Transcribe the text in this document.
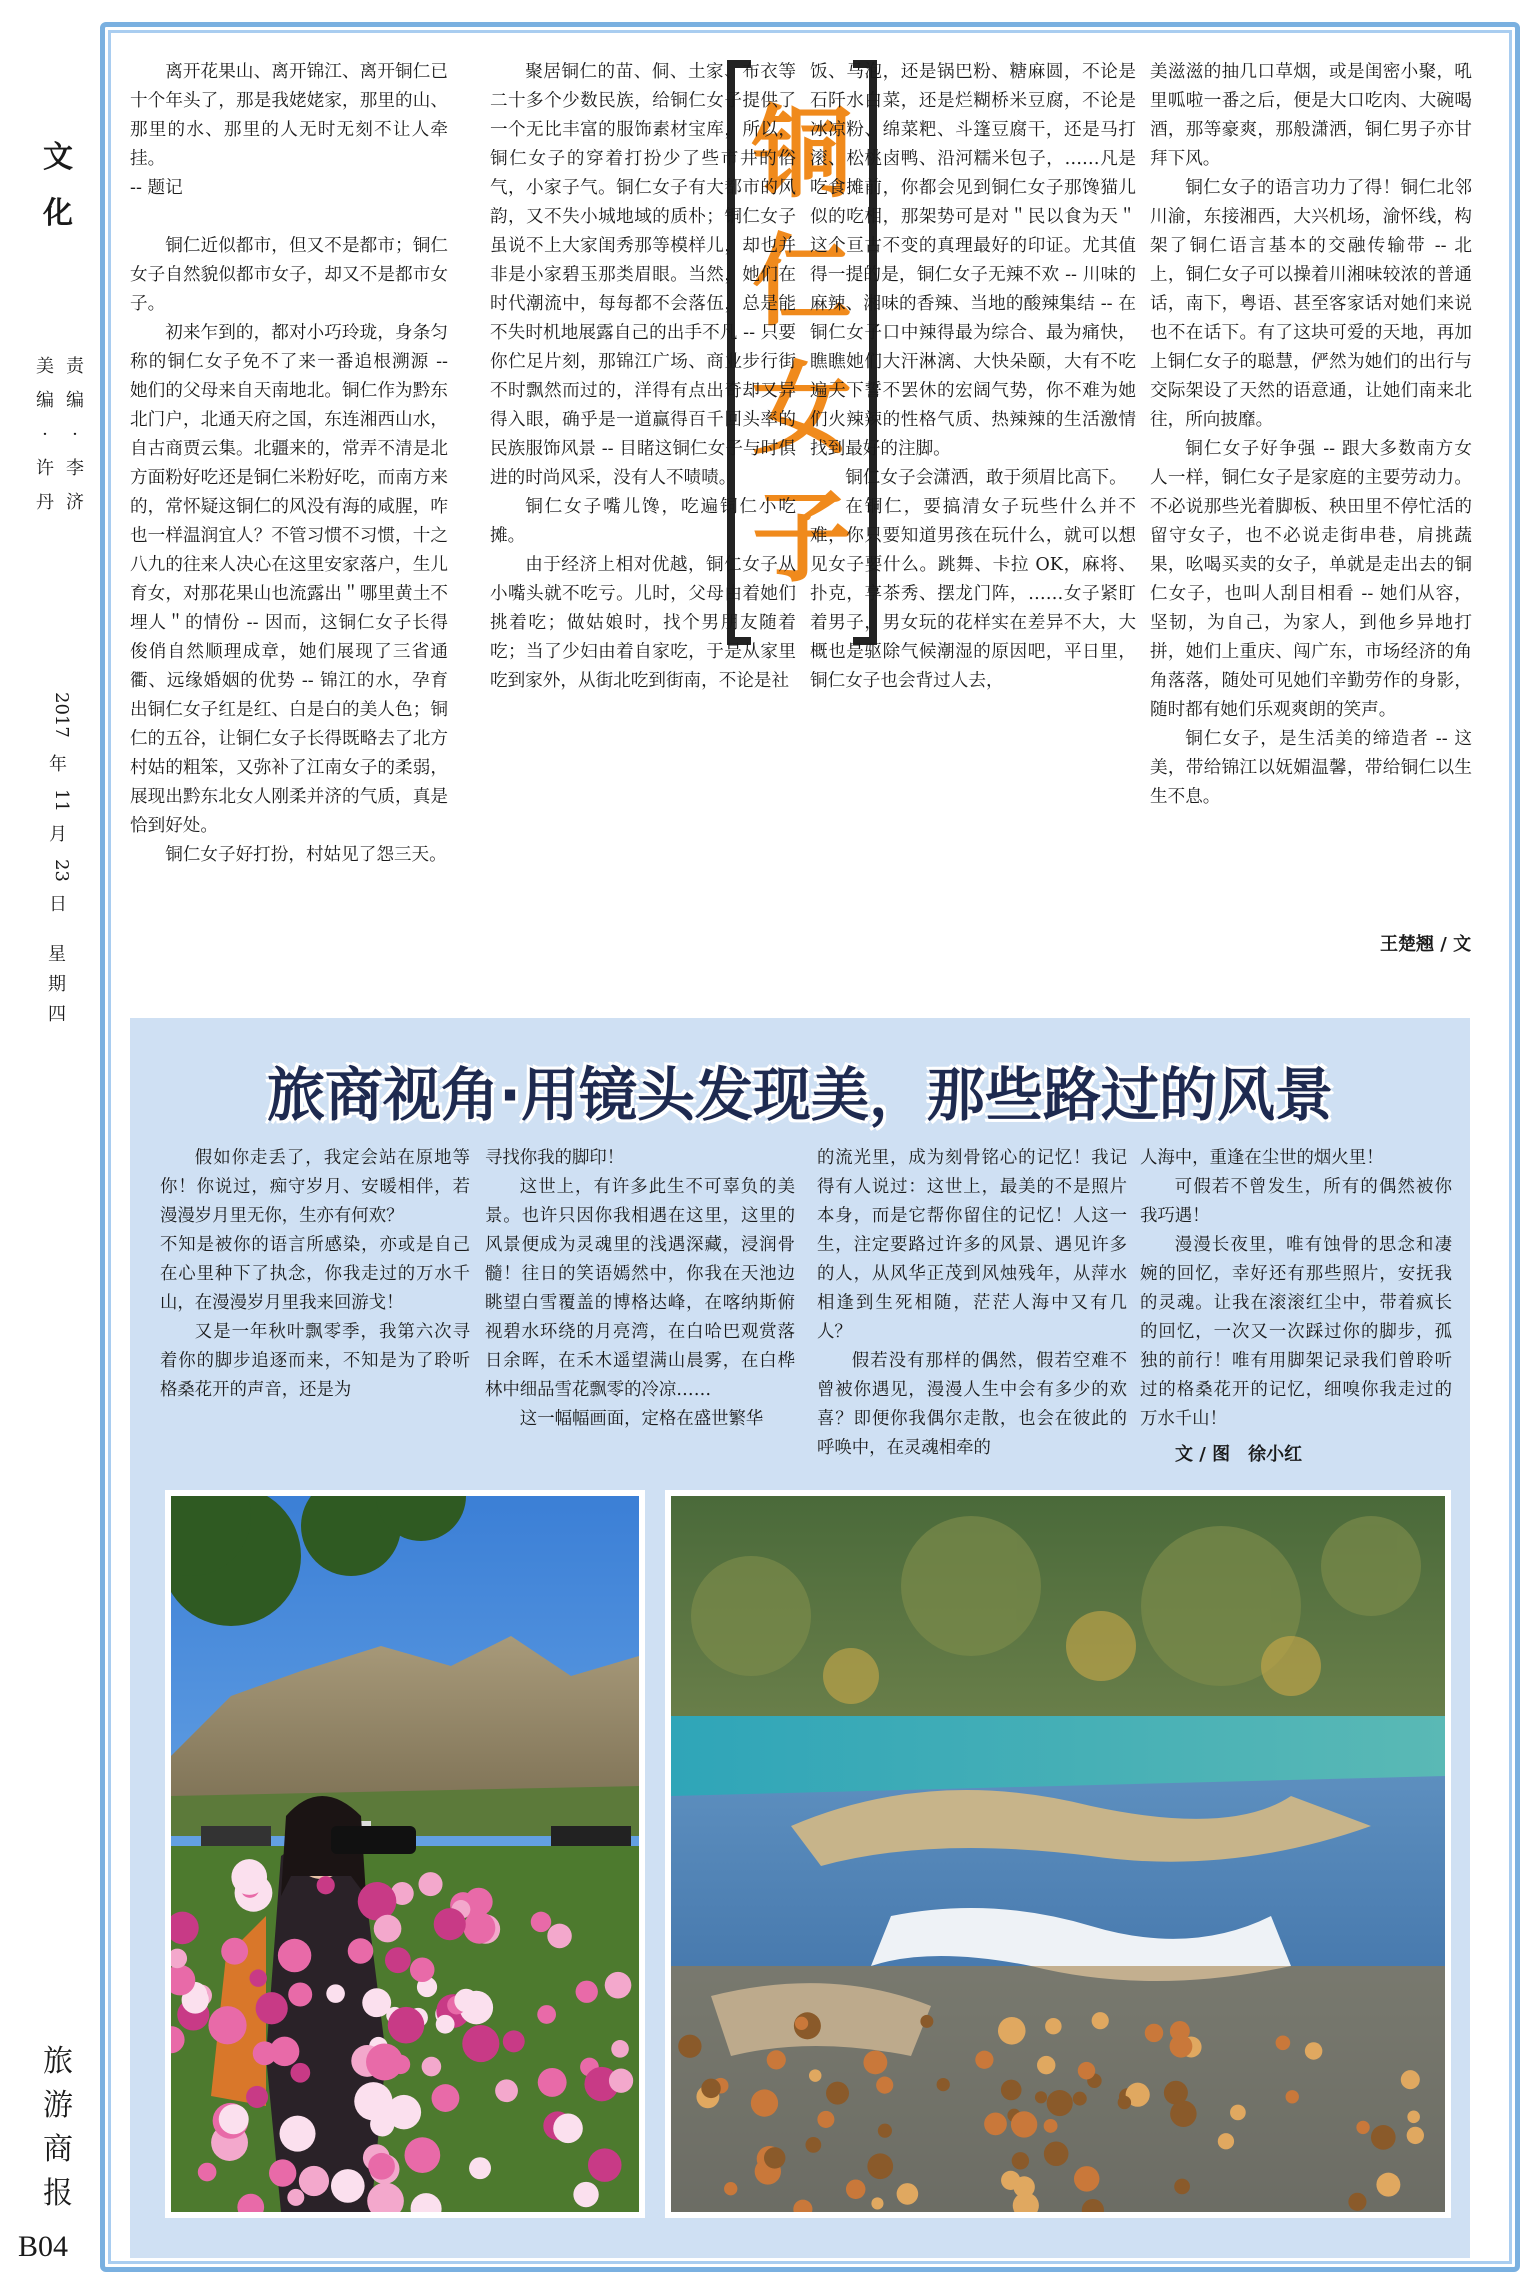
文化
美
编
·
许
丹
责
编
·
李
济
2017
年
11
月
23
日
星期四
旅游商报
B04
铜仁女子

离开花果山、离开锦江、离开铜仁已十个年头了，那是我姥姥家，那里的山、那里的水、那里的人无时无刻不让人牵挂。

-- 题记

铜仁近似都市，但又不是都市；铜仁女子自然貌似都市女子，却又不是都市女子。

初来乍到的，都对小巧玲珑，身条匀称的铜仁女子免不了来一番追根溯源 -- 她们的父母来自天南地北。铜仁作为黔东北门户，北通天府之国，东连湘西山水，自古商贾云集。北疆来的，常弄不清是北方面粉好吃还是铜仁米粉好吃，而南方来的，常怀疑这铜仁的风没有海的咸腥，咋也一样温润宜人？不管习惯不习惯，十之八九的往来人决心在这里安家落户，生儿育女，对那花果山也流露出＂哪里黄土不埋人＂的情份 -- 因而，这铜仁女子长得俊俏自然顺理成章，她们展现了三省通衢、远缘婚姻的优势 -- 锦江的水，孕育出铜仁女子红是红、白是白的美人色；铜仁的五谷，让铜仁女子长得既略去了北方村姑的粗笨，又弥补了江南女子的柔弱，展现出黔东北女人刚柔并济的气质，真是恰到好处。

铜仁女子好打扮，村姑见了怨三天。

聚居铜仁的苗、侗、土家、布衣等二十多个少数民族，给铜仁女子提供了一个无比丰富的服饰素材宝库，所以，铜仁女子的穿着打扮少了些市井的俗气，小家子气。铜仁女子有大都市的风韵，又不失小城地域的质朴；铜仁女子虽说不上大家闺秀那等模样儿，却也并非是小家碧玉那类眉眼。当然，她们在时代潮流中，每每都不会落伍，总是能不失时机地展露自己的出手不凡 -- 只要你伫足片刻，那锦江广场、商业步行街不时飘然而过的，洋得有点出奇却又异得入眼，确乎是一道赢得百千回头率的民族服饰风景 -- 目睹这铜仁女子与时俱进的时尚风采，没有人不啧啧。

铜仁女子嘴儿馋，吃遍铜仁小吃摊。

由于经济上相对优越，铜仁女子从小嘴头就不吃亏。儿时，父母由着她们挑着吃；做姑娘时，找个男朋友随着吃；当了少妇由着自家吃，于是从家里吃到家外，从街北吃到街南，不论是社

饭、马泡，还是锅巴粉、糖麻圆，不论是石阡水白菜，还是烂糊桥米豆腐，不论是冰凉粉、绵菜粑、斗篷豆腐干，还是马打滚、松桃卤鸭、沿河糯米包子，……凡是吃食摊前，你都会见到铜仁女子那馋猫儿似的吃相，那架势可是对＂民以食为天＂这个亘古不变的真理最好的印证。尤其值得一提的是，铜仁女子无辣不欢 -- 川味的麻辣、湘味的香辣、当地的酸辣集结 -- 在铜仁女子口中辣得最为综合、最为痛快，瞧瞧她们大汗淋漓、大快朵颐，大有不吃遍天下誓不罢休的宏阔气势，你不难为她们火辣辣的性格气质、热辣辣的生活激情找到最好的注脚。

铜仁女子会潇洒，敢于须眉比高下。

在铜仁，要搞清女子玩些什么并不难，你只要知道男孩在玩什么，就可以想见女子要什么。跳舞、卡拉 OK，麻将、扑克，享茶秀、摆龙门阵，……女子紧盯着男子，男女玩的花样实在差异不大，大概也是驱除气候潮湿的原因吧，平日里，铜仁女子也会背过人去，

美滋滋的抽几口草烟，或是闺密小聚，吼里呱啦一番之后，便是大口吃肉、大碗喝酒，那等豪爽，那般潇洒，铜仁男子亦甘拜下风。

铜仁女子的语言功力了得！铜仁北邻川渝，东接湘西，大兴机场，渝怀线，构架了铜仁语言基本的交融传输带 -- 北上，铜仁女子可以操着川湘味较浓的普通话，南下，粤语、甚至客家话对她们来说也不在话下。有了这块可爱的天地，再加上铜仁女子的聪慧，俨然为她们的出行与交际架设了天然的语意通，让她们南来北往，所向披靡。

铜仁女子好争强 -- 跟大多数南方女人一样，铜仁女子是家庭的主要劳动力。不必说那些光着脚板、秧田里不停忙活的留守女子，也不必说走街串巷，肩挑蔬果，吆喝买卖的女子，单就是走出去的铜仁女子，也叫人刮目相看 -- 她们从容，坚韧，为自己，为家人，到他乡异地打拼，她们上重庆、闯广东，市场经济的角角落落，随处可见她们辛勤劳作的身影，随时都有她们乐观爽朗的笑声。

铜仁女子，是生活美的缔造者 -- 这美，带给锦江以妩媚温馨，带给铜仁以生生不息。

王楚翘 / 文
旅商视角·用镜头发现美，那些路过的风景

假如你走丢了，我定会站在原地等你！你说过，痴守岁月、安暖相伴，若漫漫岁月里无你，生亦有何欢？

不知是被你的语言所感染，亦或是自己在心里种下了执念，你我走过的万水千山，在漫漫岁月里我来回游戈！

又是一年秋叶飘零季，我第六次寻着你的脚步追逐而来，不知是为了聆听格桑花开的声音，还是为

寻找你我的脚印！

这世上，有许多此生不可辜负的美景。也许只因你我相遇在这里，这里的风景便成为灵魂里的浅遇深藏，浸润骨髓！往日的笑语嫣然中，你我在天池边眺望白雪覆盖的博格达峰，在喀纳斯俯视碧水环绕的月亮湾，在白哈巴观赏落日余晖，在禾木遥望满山晨雾，在白桦林中细品雪花飘零的冷凉……

这一幅幅画面，定格在盛世繁华

的流光里，成为刻骨铭心的记忆！我记得有人说过：这世上，最美的不是照片本身，而是它帮你留住的记忆！人这一生，注定要路过许多的风景、遇见许多的人，从风华正茂到风烛残年，从萍水相逢到生死相随，茫茫人海中又有几人？

假若没有那样的偶然，假若空难不曾被你遇见，漫漫人生中会有多少的欢喜？即便你我偶尔走散，也会在彼此的呼唤中，在灵魂相牵的

人海中，重逢在尘世的烟火里！

可假若不曾发生，所有的偶然被你我巧遇！

漫漫长夜里，唯有蚀骨的思念和凄婉的回忆，幸好还有那些照片，安抚我的灵魂。让我在滚滚红尘中，带着疯长的回忆，一次又一次踩过你的脚步，孤独的前行！唯有用脚架记录我们曾聆听过的格桑花开的记忆，细嗅你我走过的万水千山！

文 / 图　徐小红
